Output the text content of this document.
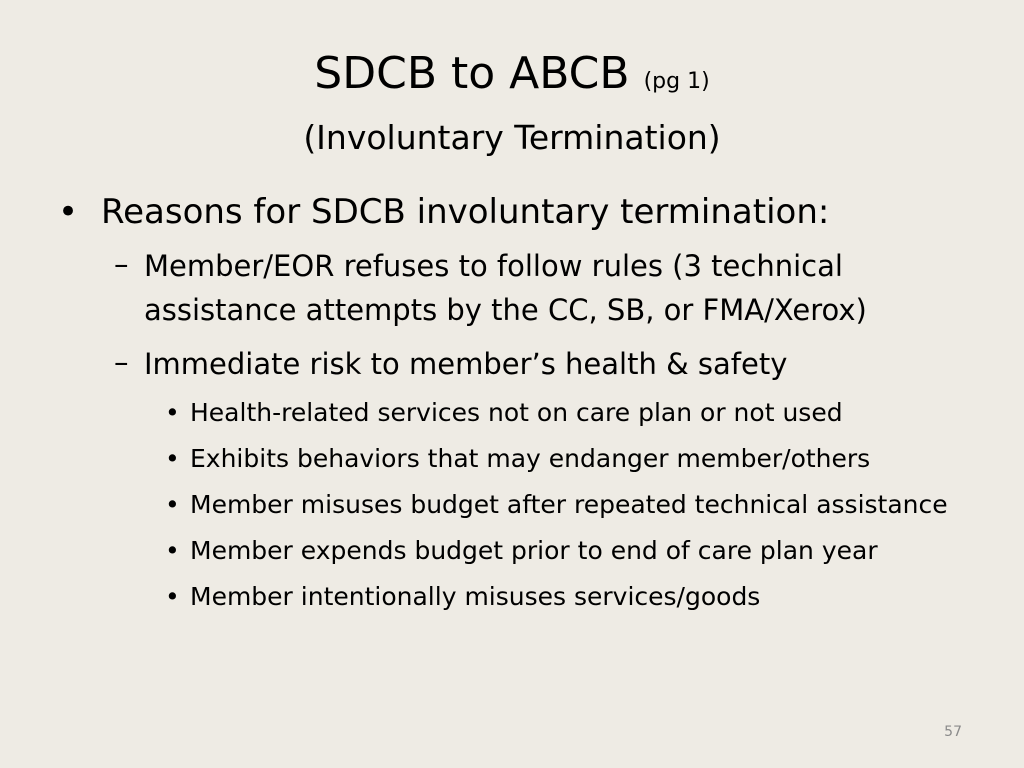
SDCB to ABCB (pg 1)
(Involuntary Termination)
• Reasons for SDCB involuntary termination:
– Member/EOR refuses to follow rules (3 technical assistance attempts by the CC, SB, or FMA/Xerox)
– Immediate risk to member’s health & safety
• Health-related services not on care plan or not used
• Exhibits behaviors that may endanger member/others
• Member misuses budget after repeated technical assistance
• Member expends budget prior to end of care plan year
• Member intentionally misuses services/goods
57
